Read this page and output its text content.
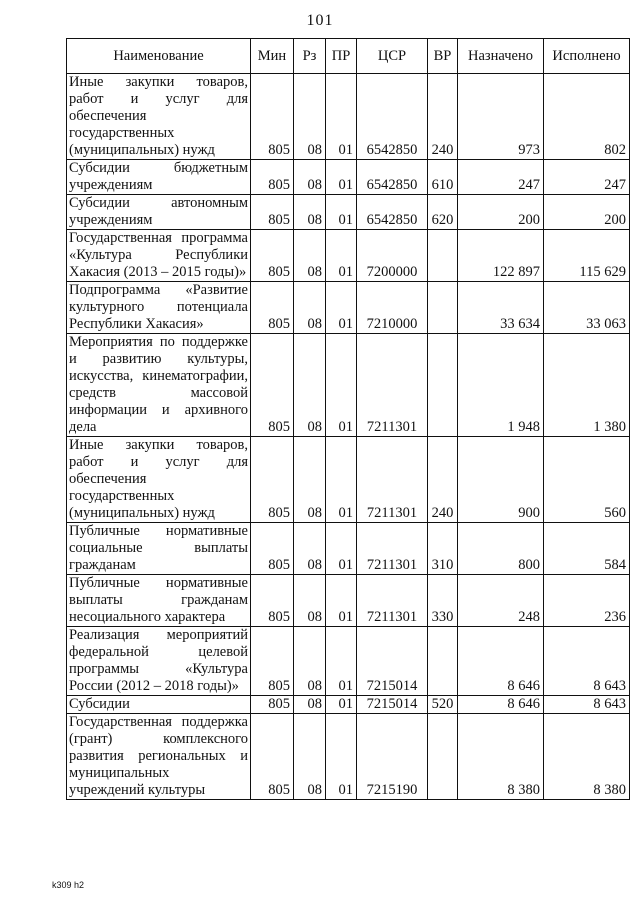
101
Наименование	Мин	Рз	ПР	ЦСР	ВР	Назначено	Исполнено
Иные закупки товаров, работ и услуг для обеспечения государственных (муниципальных) нужд	805	08	01	6542850	240	973	802
Субсидии бюджетным учреждениям	805	08	01	6542850	610	247	247
Субсидии автономным учреждениям	805	08	01	6542850	620	200	200
Государственная программа «Культура Республики Хакасия (2013 – 2015 годы)»	805	08	01	7200000		122 897	115 629
Подпрограмма «Развитие культурного потенциала Республики Хакасия»	805	08	01	7210000		33 634	33 063
Мероприятия по поддержке и развитию культуры, искусства, кинематографии, средств массовой информации и архивного дела	805	08	01	7211301		1 948	1 380
Иные закупки товаров, работ и услуг для обеспечения государственных (муниципальных) нужд	805	08	01	7211301	240	900	560
Публичные нормативные социальные выплаты гражданам	805	08	01	7211301	310	800	584
Публичные нормативные выплаты гражданам несоциального характера	805	08	01	7211301	330	248	236
Реализация мероприятий федеральной целевой программы «Культура России (2012 – 2018 годы)»	805	08	01	7215014		8 646	8 643
Субсидии	805	08	01	7215014	520	8 646	8 643
Государственная поддержка (грант) комплексного развития региональных и муниципальных учреждений культуры	805	08	01	7215190		8 380	8 380
k309 h2
